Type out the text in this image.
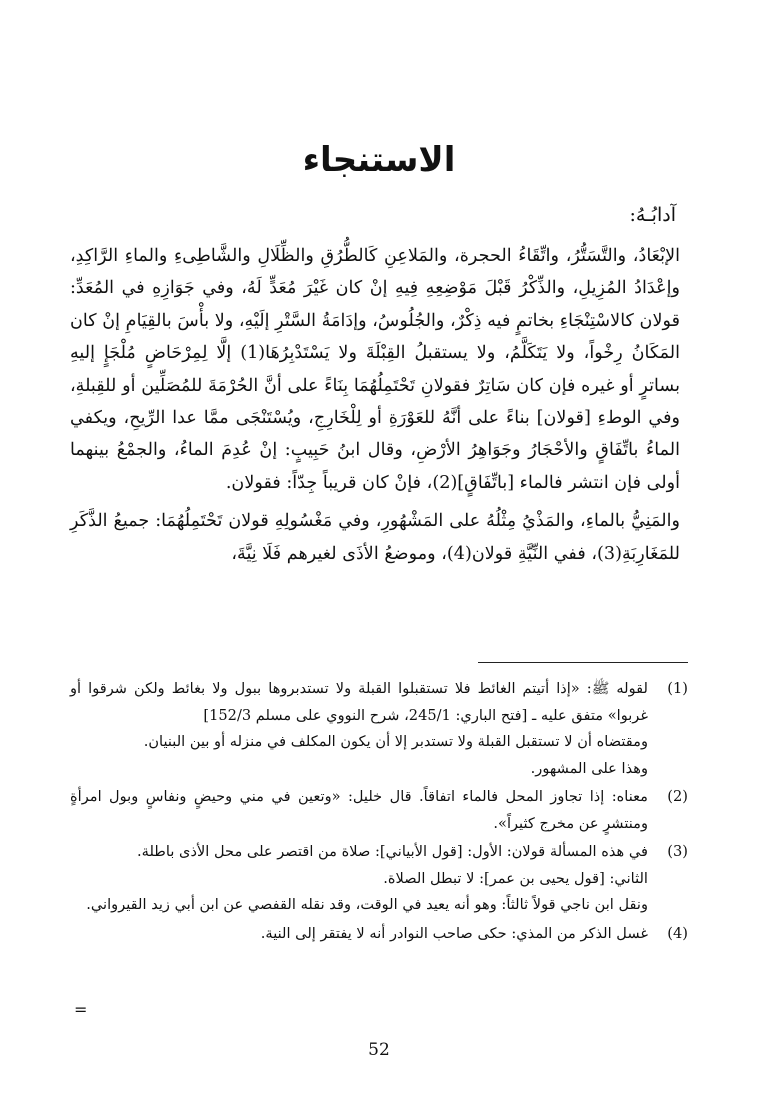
الاستنجاء
آدابُـهُ:

الإبْعَادُ، والتَّسَتُّرُ، واتِّقَاءُ الحجرة، والمَلاعِنِ كَالطُّرُقِ والظِّلَالِ والشَّاطِىءِ والماءِ الرَّاكِدِ، وإعْدَادُ المُزِيلِ، والذِّكْرُ قَبْلَ مَوْضِعِهِ فِيهِ إنْ كان غَيْرَ مُعَدٍّ لَهُ، وفي جَوَازِهِ في المُعَدِّ: قولان كالاسْتِنْجَاءِ بخاتمٍ فيه ذِكْرٌ، والجُلُوسُ، وإدَامَةُ السَّتْرِ إلَيْهِ، ولا بأْسَ بالقِيَامِ إنْ كان المَكَانُ رِخْواً، ولا يَتَكَلَّمُ، ولا يستقبلُ القِبْلَةَ ولا يَسْتَدْبِرُهَا(1) إلَّا لِمِرْحَاضٍ مُلْجَإٍ إليهِ بساترٍ أو غيره فإن كان سَاتِرٌ فقولانِ تَحْتَمِلُهُمَا بِنَاءً على أنَّ الحُرْمَةَ للمُصَلِّين أو للقِبلةِ، وفي الوطءِ [قولان] بناءً على أنَّهُ للعَوْرَةِ أو لِلْخَارِجِ، ويُسْتَنْجَى ممَّا عدا الرِّيحِ، ويكفي الماءُ باتِّفَاقٍ والأحْجَارُ وجَوَاهِرُ الأرْضِ، وقال ابنُ حَبِيبٍ: إنْ عُدِمَ الماءُ، والجمْعُ بينهما أولى فإن انتشر فالماء [باتِّفَاقٍ](2)، فإنْ كان قريباً جِدّاً: فقولان.

والمَنِيُّ بالماءِ، والمَذْيُ مِثْلُهُ على المَشْهُورِ، وفي مَغْسُولِهِ قولان تَحْتَمِلُهُمَا: جميعُ الذَّكَرِ للمَغَارِبَةِ(3)، ففي النِّيَّةِ قولان(4)، وموضعُ الأذَى لغيرهم فَلَا نِيَّةَ،

(1)
لقوله ﷺ: «إذا أتيتم الغائط فلا تستقبلوا القبلة ولا تستدبروها ببول ولا بغائط ولكن شرقوا أو غربوا» متفق عليه ـ [فتح الباري: 245/1، شرح النووي على مسلم 152/3]
ومقتضاه أن لا تستقبل القبلة ولا تستدبر إلا أن يكون المكلف في منزله أو بين البنيان.
وهذا على المشهور.
(2)
معناه: إذا تجاوز المحل فالماء اتفاقاً. قال خليل: «وتعين في مني وحيضٍ ونفاسٍ وبول امرأةٍ ومنتشرٍ عن مخرج كثيراً».
(3)
في هذه المسألة قولان: الأول: [قول الأبياني]: صلاة من اقتصر على محل الأذى باطلة.
الثاني: [قول يحيى بن عمر]: لا تبطل الصلاة.
ونقل ابن ناجي قولاً ثالثاً: وهو أنه يعيد في الوقت، وقد نقله القفصي عن ابن أبي زيد القيرواني.
(4)
غسل الذكر من المذي: حكى صاحب النوادر أنه لا يفتقر إلى النية.
=
52
